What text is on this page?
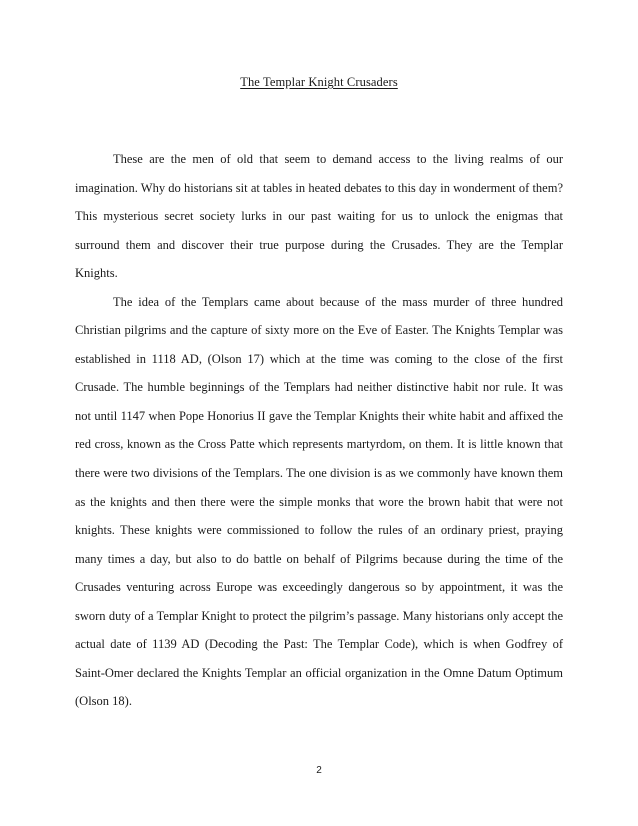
The Templar Knight Crusaders
These are the men of old that seem to demand access to the living realms of our
imagination. Why do historians sit at tables in heated debates to this day in wonderment of them?
This mysterious secret society lurks in our past waiting for us to unlock the enigmas that
surround them and discover their true purpose during the Crusades. They are the Templar
Knights.
The idea of the Templars came about because of the mass murder of three hundred
Christian pilgrims and the capture of sixty more on the Eve of Easter. The Knights Templar was
established in 1118 AD, (Olson 17) which at the time was coming to the close of the first
Crusade. The humble beginnings of the Templars had neither distinctive habit nor rule. It was
not until 1147 when Pope Honorius II gave the Templar Knights their white habit and affixed the
red cross, known as the Cross Patte which represents martyrdom, on them. It is little known that
there were two divisions of the Templars. The one division is as we commonly have known them
as the knights and then there were the simple monks that wore the brown habit that were not
knights. These knights were commissioned to follow the rules of an ordinary priest, praying
many times a day, but also to do battle on behalf of Pilgrims because during the time of the
Crusades venturing across Europe was exceedingly dangerous so by appointment, it was the
sworn duty of a Templar Knight to protect the pilgrim’s passage. Many historians only accept the
actual date of 1139 AD (Decoding the Past: The Templar Code), which is when Godfrey of
Saint-Omer declared the Knights Templar an official organization in the Omne Datum Optimum
(Olson 18).
2
